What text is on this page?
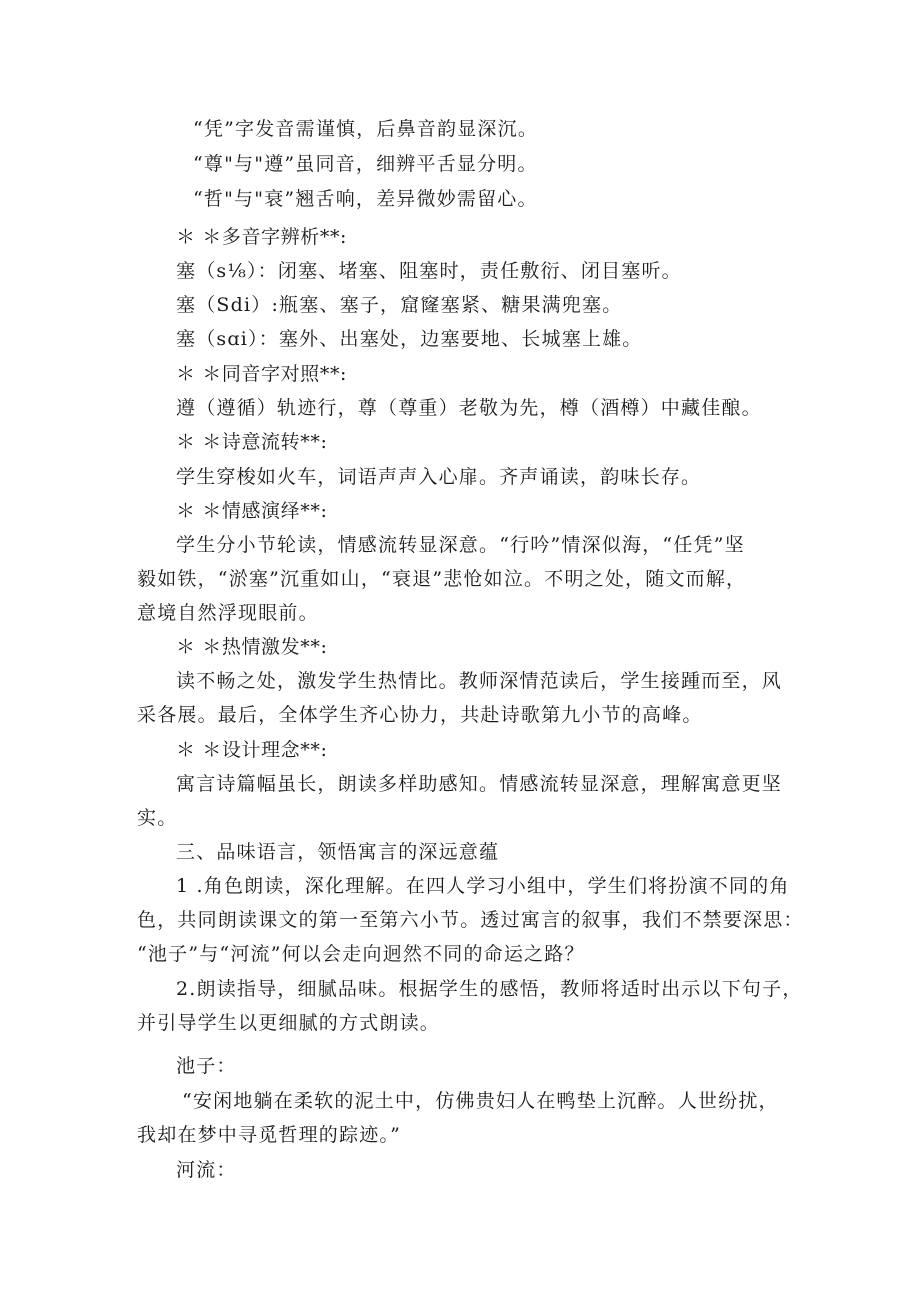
“凭”字发音需谨慎，后鼻音韵显深沉。
“尊"与"遵”虽同音，细辨平舌显分明。
“哲"与"衰”翘舌响，差异微妙需留心。
＊ ＊多音字辨析**:
塞（s⅛）：闭塞、堵塞、阻塞时，责任敷衍、闭目塞听。
塞（Sdi）:瓶塞、塞子，窟窿塞紧、糖果满兜塞。
塞（sɑi）：塞外、出塞处，边塞要地、长城塞上雄。
＊ ＊同音字对照**:
遵（遵循）轨迹行，尊（尊重）老敬为先，樽（酒樽）中藏佳酿。
＊ ＊诗意流转**:
学生穿梭如火车，词语声声入心扉。齐声诵读，韵味长存。
＊ ＊情感演绎**:
学生分小节轮读，情感流转显深意。“行吟”情深似海，“任凭”坚
毅如铁，“淤塞”沉重如山，“衰退”悲怆如泣。不明之处，随文而解，
意境自然浮现眼前。
＊ ＊热情激发**:
读不畅之处，激发学生热情比。教师深情范读后，学生接踵而至，风
采各展。最后，全体学生齐心协力，共赴诗歌第九小节的高峰。
＊ ＊设计理念**:
寓言诗篇幅虽长，朗读多样助感知。情感流转显深意，理解寓意更坚
实。
三、品味语言，领悟寓言的深远意蕴
1 .角色朗读，深化理解。在四人学习小组中，学生们将扮演不同的角
色，共同朗读课文的第一至第六小节。透过寓言的叙事，我们不禁要深思：
“池子”与“河流”何以会走向迥然不同的命运之路？
2.朗读指导，细腻品味。根据学生的感悟，教师将适时出示以下句子，
并引导学生以更细腻的方式朗读。
池子：
“安闲地躺在柔软的泥土中，仿佛贵妇人在鸭垫上沉醉。人世纷扰，
我却在梦中寻觅哲理的踪迹。”
河流：
